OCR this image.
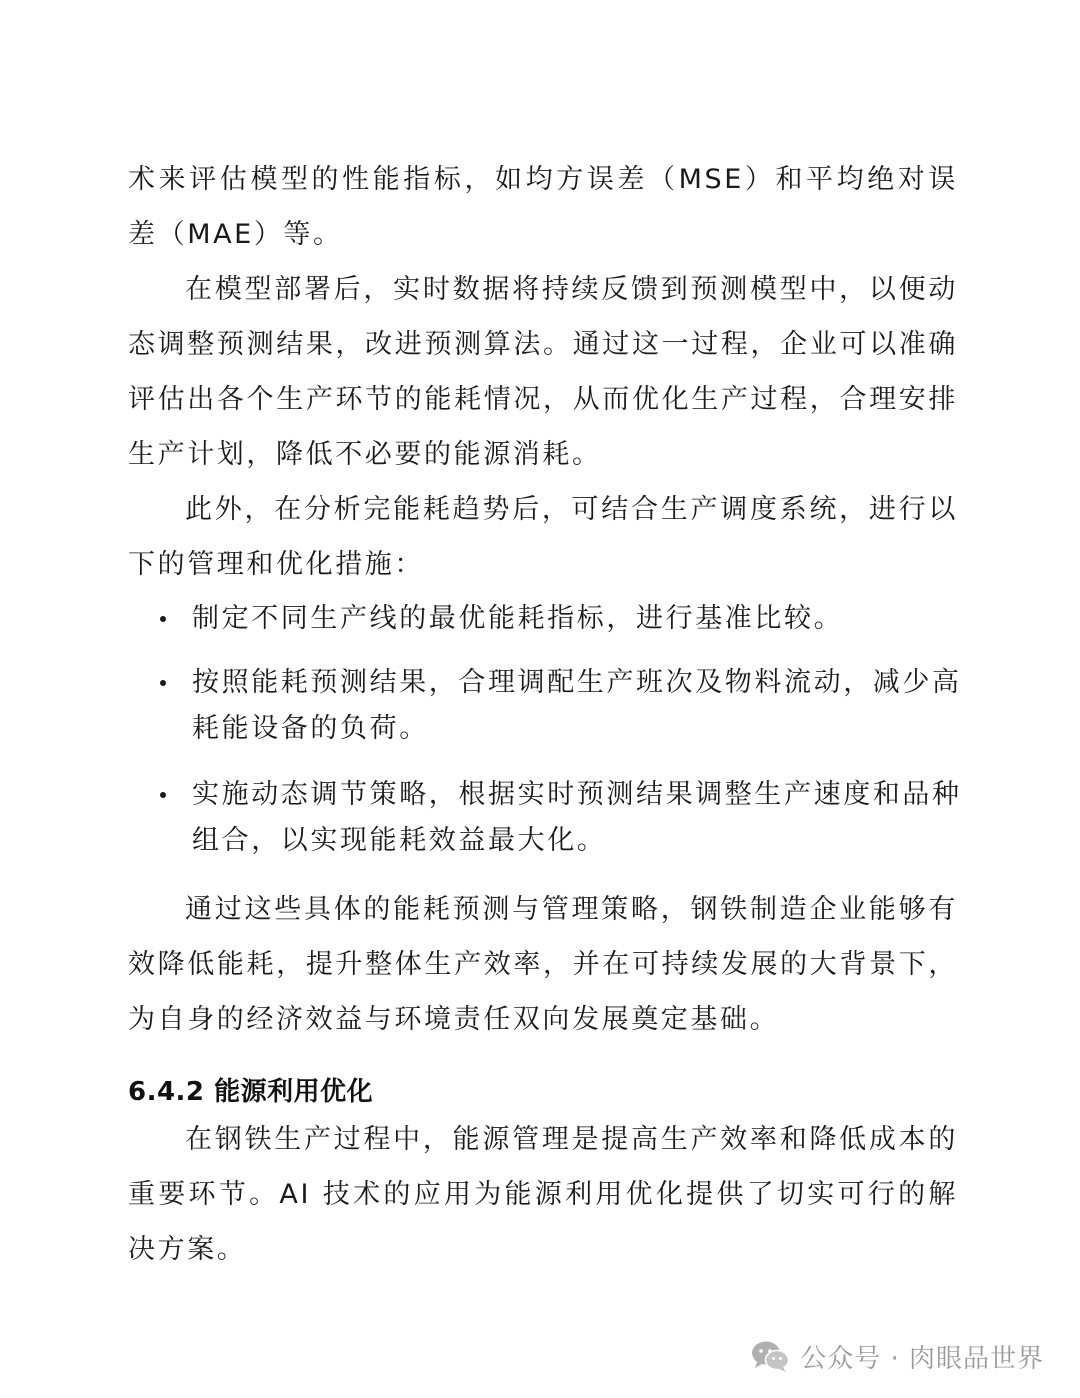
术来评估模型的性能指标，如均方误差（MSE）和平均绝对误差（MAE）等。

在模型部署后，实时数据将持续反馈到预测模型中，以便动态调整预测结果，改进预测算法。通过这一过程，企业可以准确评估出各个生产环节的能耗情况，从而优化生产过程，合理安排生产计划，降低不必要的能源消耗。

此外，在分析完能耗趋势后，可结合生产调度系统，进行以下的管理和优化措施：

制定不同生产线的最优能耗指标，进行基准比较。
按照能耗预测结果，合理调配生产班次及物料流动，减少高耗能设备的负荷。
实施动态调节策略，根据实时预测结果调整生产速度和品种组合，以实现能耗效益最大化。

通过这些具体的能耗预测与管理策略，钢铁制造企业能够有效降低能耗，提升整体生产效率，并在可持续发展的大背景下，为自身的经济效益与环境责任双向发展奠定基础。

6.4.2 能源利用优化

在钢铁生产过程中，能源管理是提高生产效率和降低成本的重要环节。AI 技术的应用为能源利用优化提供了切实可行的解决方案。

公众号 · 肉眼品世界
